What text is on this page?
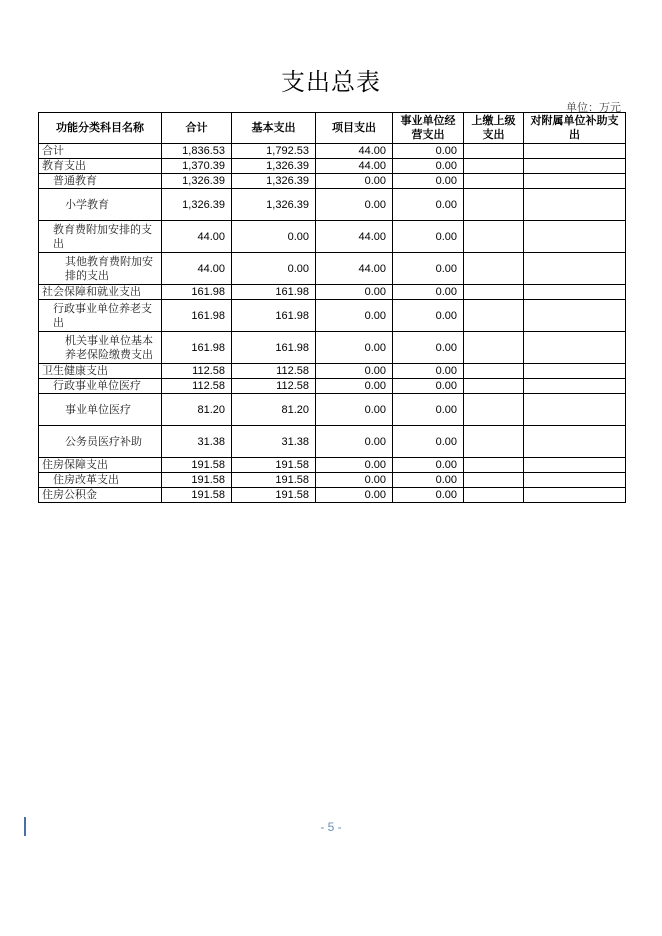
支出总表
单位：万元
功能分类科目名称	合计	基本支出	项目支出	事业单位经营支出	上缴上级支出	对附属单位补助支出
合计	1,836.53	1,792.53	44.00	0.00		
教育支出	1,370.39	1,326.39	44.00	0.00		
普通教育	1,326.39	1,326.39	0.00	0.00		
小学教育	1,326.39	1,326.39	0.00	0.00		
教育费附加安排的支出	44.00	0.00	44.00	0.00		
其他教育费附加安排的支出	44.00	0.00	44.00	0.00		
社会保障和就业支出	161.98	161.98	0.00	0.00		
行政事业单位养老支出	161.98	161.98	0.00	0.00		
机关事业单位基本养老保险缴费支出	161.98	161.98	0.00	0.00		
卫生健康支出	112.58	112.58	0.00	0.00		
行政事业单位医疗	112.58	112.58	0.00	0.00		
事业单位医疗	81.20	81.20	0.00	0.00		
公务员医疗补助	31.38	31.38	0.00	0.00		
住房保障支出	191.58	191.58	0.00	0.00		
住房改革支出	191.58	191.58	0.00	0.00		
住房公积金	191.58	191.58	0.00	0.00		
- 5 -
